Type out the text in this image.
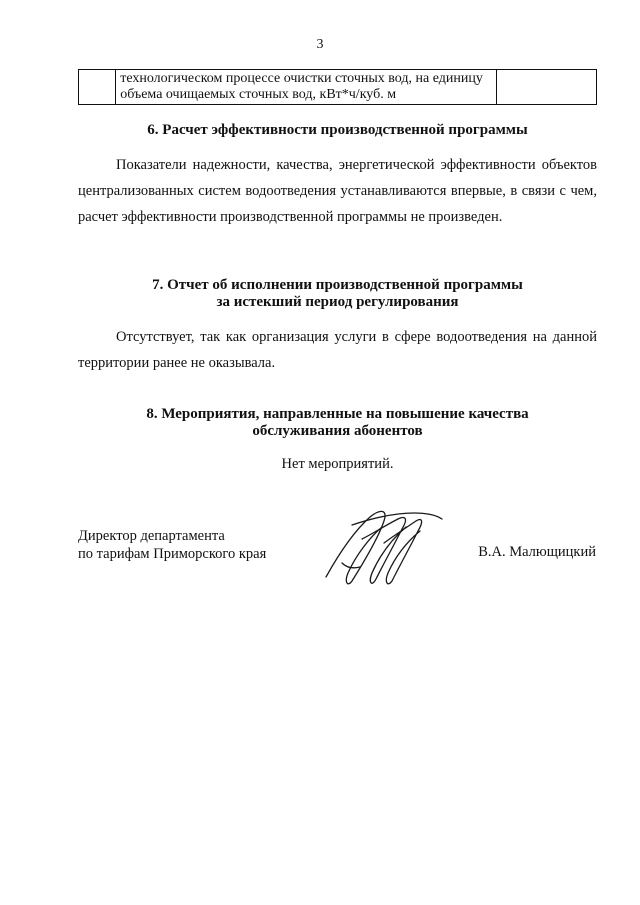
3

технологическом процессе очистки сточных вод, на единицу
объема очищаемых сточных вод, кВт*ч/куб. м

6. Расчет эффективности производственной программы
Показатели надежности, качества, энергетической эффективности объектов централизованных систем водоотведения устанавливаются впервые, в связи с чем, расчет эффективности производственной программы не произведен.
7. Отчет об исполнении производственной программы
за истекший период регулирования
Отсутствует, так как организация услуги в сфере водоотведения на данной территории ранее не оказывала.
8. Мероприятия, направленные на повышение качества
обслуживания абонентов
Нет мероприятий.
Директор департамента
по тарифам Приморского края	В.А. Малющицкий
